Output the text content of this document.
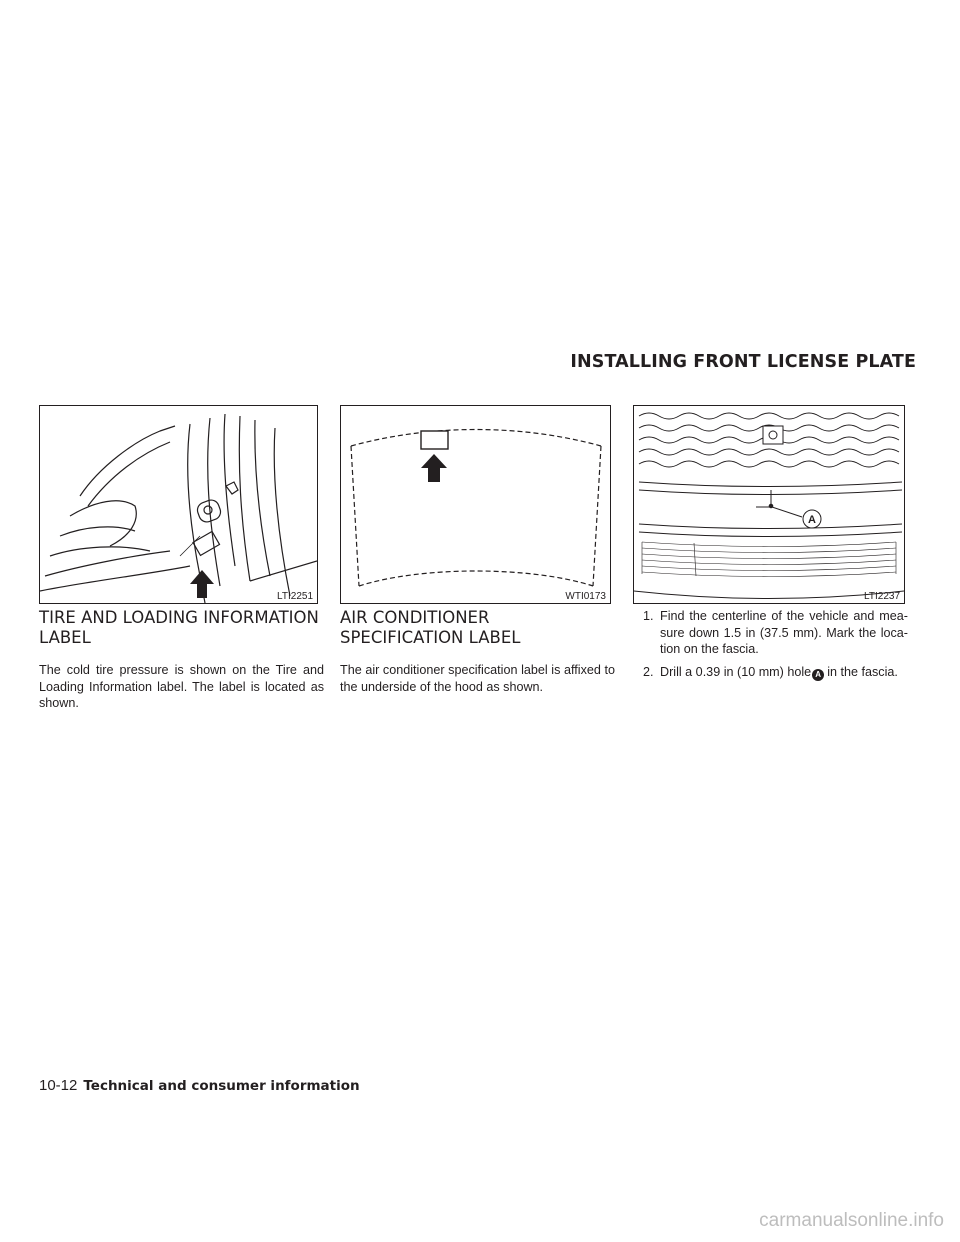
INSTALLING FRONT LICENSE PLATE
LTI2251	WTI0173
A
LTI2237
TIRE AND LOADING INFORMATION LABEL

The cold tire pressure is shown on the Tire and Loading Information label. The label is located as shown.

AIR CONDITIONER SPECIFICATION LABEL

The air conditioner specification label is affixed to the underside of the hood as shown.

1. Find the centerline of the vehicle and mea-sure down 1.5 in (37.5 mm). Mark the loca-tion on the fascia.
2. Drill a 0.39 in (10 mm) hole A in the fascia.
10-12 Technical and consumer information
carmanualsonline.info
